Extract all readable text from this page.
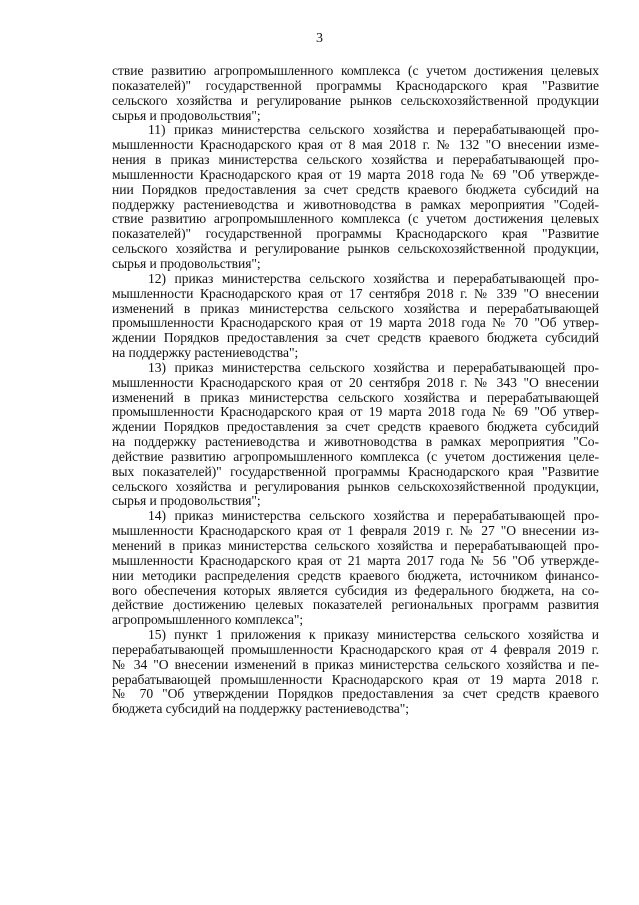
3

ствие развитию агропромышленного комплекса (с учетом достижения целевых
показателей)" государственной программы Краснодарского края "Развитие
сельского хозяйства и регулирование рынков сельскохозяйственной продукции
сырья и продовольствия";

11) приказ министерства сельского хозяйства и перерабатывающей про-
мышленности Краснодарского края от 8 мая 2018 г. № 132 "О внесении изме-
нения в приказ министерства сельского хозяйства и перерабатывающей про-
мышленности Краснодарского края от 19 марта 2018 года № 69 "Об утвержде-
нии Порядков предоставления за счет средств краевого бюджета субсидий на
поддержку растениеводства и животноводства в рамках мероприятия "Содей-
ствие развитию агропромышленного комплекса (с учетом достижения целевых
показателей)" государственной программы Краснодарского края "Развитие
сельского хозяйства и регулирование рынков сельскохозяйственной продукции,
сырья и продовольствия";

12) приказ министерства сельского хозяйства и перерабатывающей про-
мышленности Краснодарского края от 17 сентября 2018 г. № 339 "О внесении
изменений в приказ министерства сельского хозяйства и перерабатывающей
промышленности Краснодарского края от 19 марта 2018 года № 70 "Об утвер-
ждении Порядков предоставления за счет средств краевого бюджета субсидий
на поддержку растениеводства";

13) приказ министерства сельского хозяйства и перерабатывающей про-
мышленности Краснодарского края от 20 сентября 2018 г. № 343 "О внесении
изменений в приказ министерства сельского хозяйства и перерабатывающей
промышленности Краснодарского края от 19 марта 2018 года № 69 "Об утвер-
ждении Порядков предоставления за счет средств краевого бюджета субсидий
на поддержку растениеводства и животноводства в рамках мероприятия "Со-
действие развитию агропромышленного комплекса (с учетом достижения целе-
вых показателей)" государственной программы Краснодарского края "Развитие
сельского хозяйства и регулирования рынков сельскохозяйственной продукции,
сырья и продовольствия";

14) приказ министерства сельского хозяйства и перерабатывающей про-
мышленности Краснодарского края от 1 февраля 2019 г. № 27 "О внесении из-
менений в приказ министерства сельского хозяйства и перерабатывающей про-
мышленности Краснодарского края от 21 марта 2017 года № 56 "Об утвержде-
нии методики распределения средств краевого бюджета, источником финансо-
вого обеспечения которых является субсидия из федерального бюджета, на со-
действие достижению целевых показателей региональных программ развития
агропромышленного комплекса";

15) пункт 1 приложения к приказу министерства сельского хозяйства и
перерабатывающей промышленности Краснодарского края от 4 февраля 2019 г.
№ 34 "О внесении изменений в приказ министерства сельского хозяйства и пе-
рерабатывающей промышленности Краснодарского края от 19 марта 2018 г.
№ 70 "Об утверждении Порядков предоставления за счет средств краевого
бюджета субсидий на поддержку растениеводства";
